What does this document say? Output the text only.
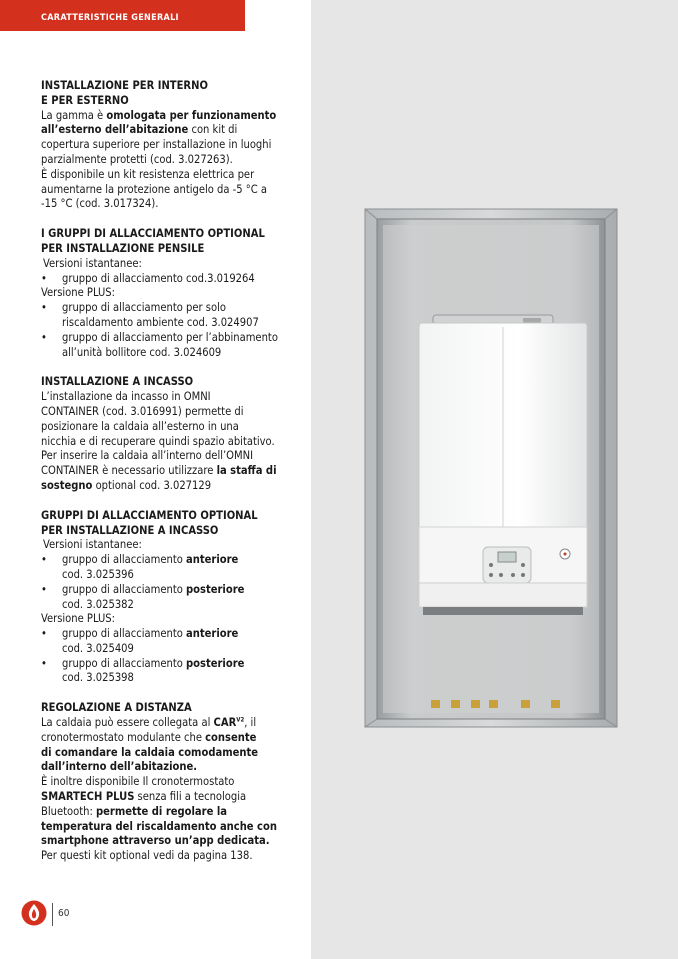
CARATTERISTICHE GENERALI
INSTALLAZIONE PER INTERNO
E PER ESTERNO

La gamma è omologata per funzionamento
all’esterno dell’abitazione con kit di
copertura superiore per installazione in luoghi
parzialmente protetti (cod. 3.027263).
È disponibile un kit resistenza elettrica per
aumentarne la protezione antigelo da -5 °C a
-15 °C (cod. 3.017324).

I GRUPPI DI ALLACCIAMENTO OPTIONAL
PER INSTALLAZIONE PENSILE

Versioni istantanee:

• gruppo di allacciamento cod.3.019264

Versione PLUS:

• gruppo di allacciamento per solo
riscaldamento ambiente cod. 3.024907
• gruppo di allacciamento per l’abbinamento
all’unità bollitore cod. 3.024609
INSTALLAZIONE A INCASSO

L’installazione da incasso in OMNI
CONTAINER (cod. 3.016991) permette di
posizionare la caldaia all’esterno in una
nicchia e di recuperare quindi spazio abitativo.
Per inserire la caldaia all’interno dell’OMNI
CONTAINER è necessario utilizzare la staffa di
sostegno optional cod. 3.027129

GRUPPI DI ALLACCIAMENTO OPTIONAL
PER INSTALLAZIONE A INCASSO

Versioni istantanee:

• gruppo di allacciamento anteriore
cod. 3.025396
• gruppo di allacciamento posteriore
cod. 3.025382

Versione PLUS:

• gruppo di allacciamento anteriore
cod. 3.025409
• gruppo di allacciamento posteriore
cod. 3.025398
REGOLAZIONE A DISTANZA

La caldaia può essere collegata al $CAR^{V2}$, il
cronotermostato modulante che consente
di comandare la caldaia comodamente
dall’interno dell’abitazione.
È inoltre disponibile Il cronotermostato
SMARTECH PLUS senza fili a tecnologia
Bluetooth: permette di regolare la
temperatura del riscaldamento anche con
smartphone attraverso un’app dedicata.
Per questi kit optional vedi da pagina 138.

60
